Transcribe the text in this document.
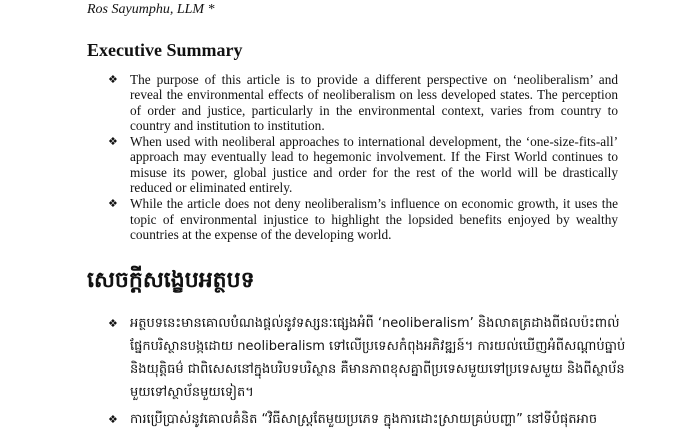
Ros Sayumphu, LLM *
Executive Summary
❖ The purpose of this article is to provide a different perspective on ‘neoliberalism’ and reveal the environmental effects of neoliberalism on less developed states. The perception of order and justice, particularly in the environmental context, varies from country to country and institution to institution.
❖ When used with neoliberal approaches to international development, the ‘one-size-fits-all’ approach may eventually lead to hegemonic involvement. If the First World continues to misuse its power, global justice and order for the rest of the world will be drastically reduced or eliminated entirely.
❖ While the article does not deny neoliberalism’s influence on economic growth, it uses the topic of environmental injustice to highlight the lopsided benefits enjoyed by wealthy countries at the expense of the developing world.
សេចក្ដីសង្ខេបអត្ថបទ
❖ អត្ថបទនេះមានគោលបំណងផ្ដល់នូវទស្សនៈផ្សេងអំពី ‘neoliberalism’ និងលាតត្រដាងពីផលប៉ះពាល់ផ្នែកបរិស្ថានបង្កដោយ neoliberalism ទៅលើប្រទេសកំពុងអភិវឌ្ឍន៍។ ការយល់ឃើញអំពីសណ្ដាប់ធ្នាប់ និងយុត្តិធម៌ ជាពិសេសនៅក្នុងបរិបទបរិស្ថាន គឺមានភាពខុសគ្នាពីប្រទេសមួយទៅប្រទេសមួយ និងពីស្ថាប័នមួយទៅស្ថាប័នមួយទៀត។
❖ ការប្រើប្រាស់នូវគោលគំនិត “វិធីសាស្ត្រតែមួយប្រភេទ ក្នុងការដោះស្រាយគ្រប់បញ្ហា” នៅទីបំផុតអាច
